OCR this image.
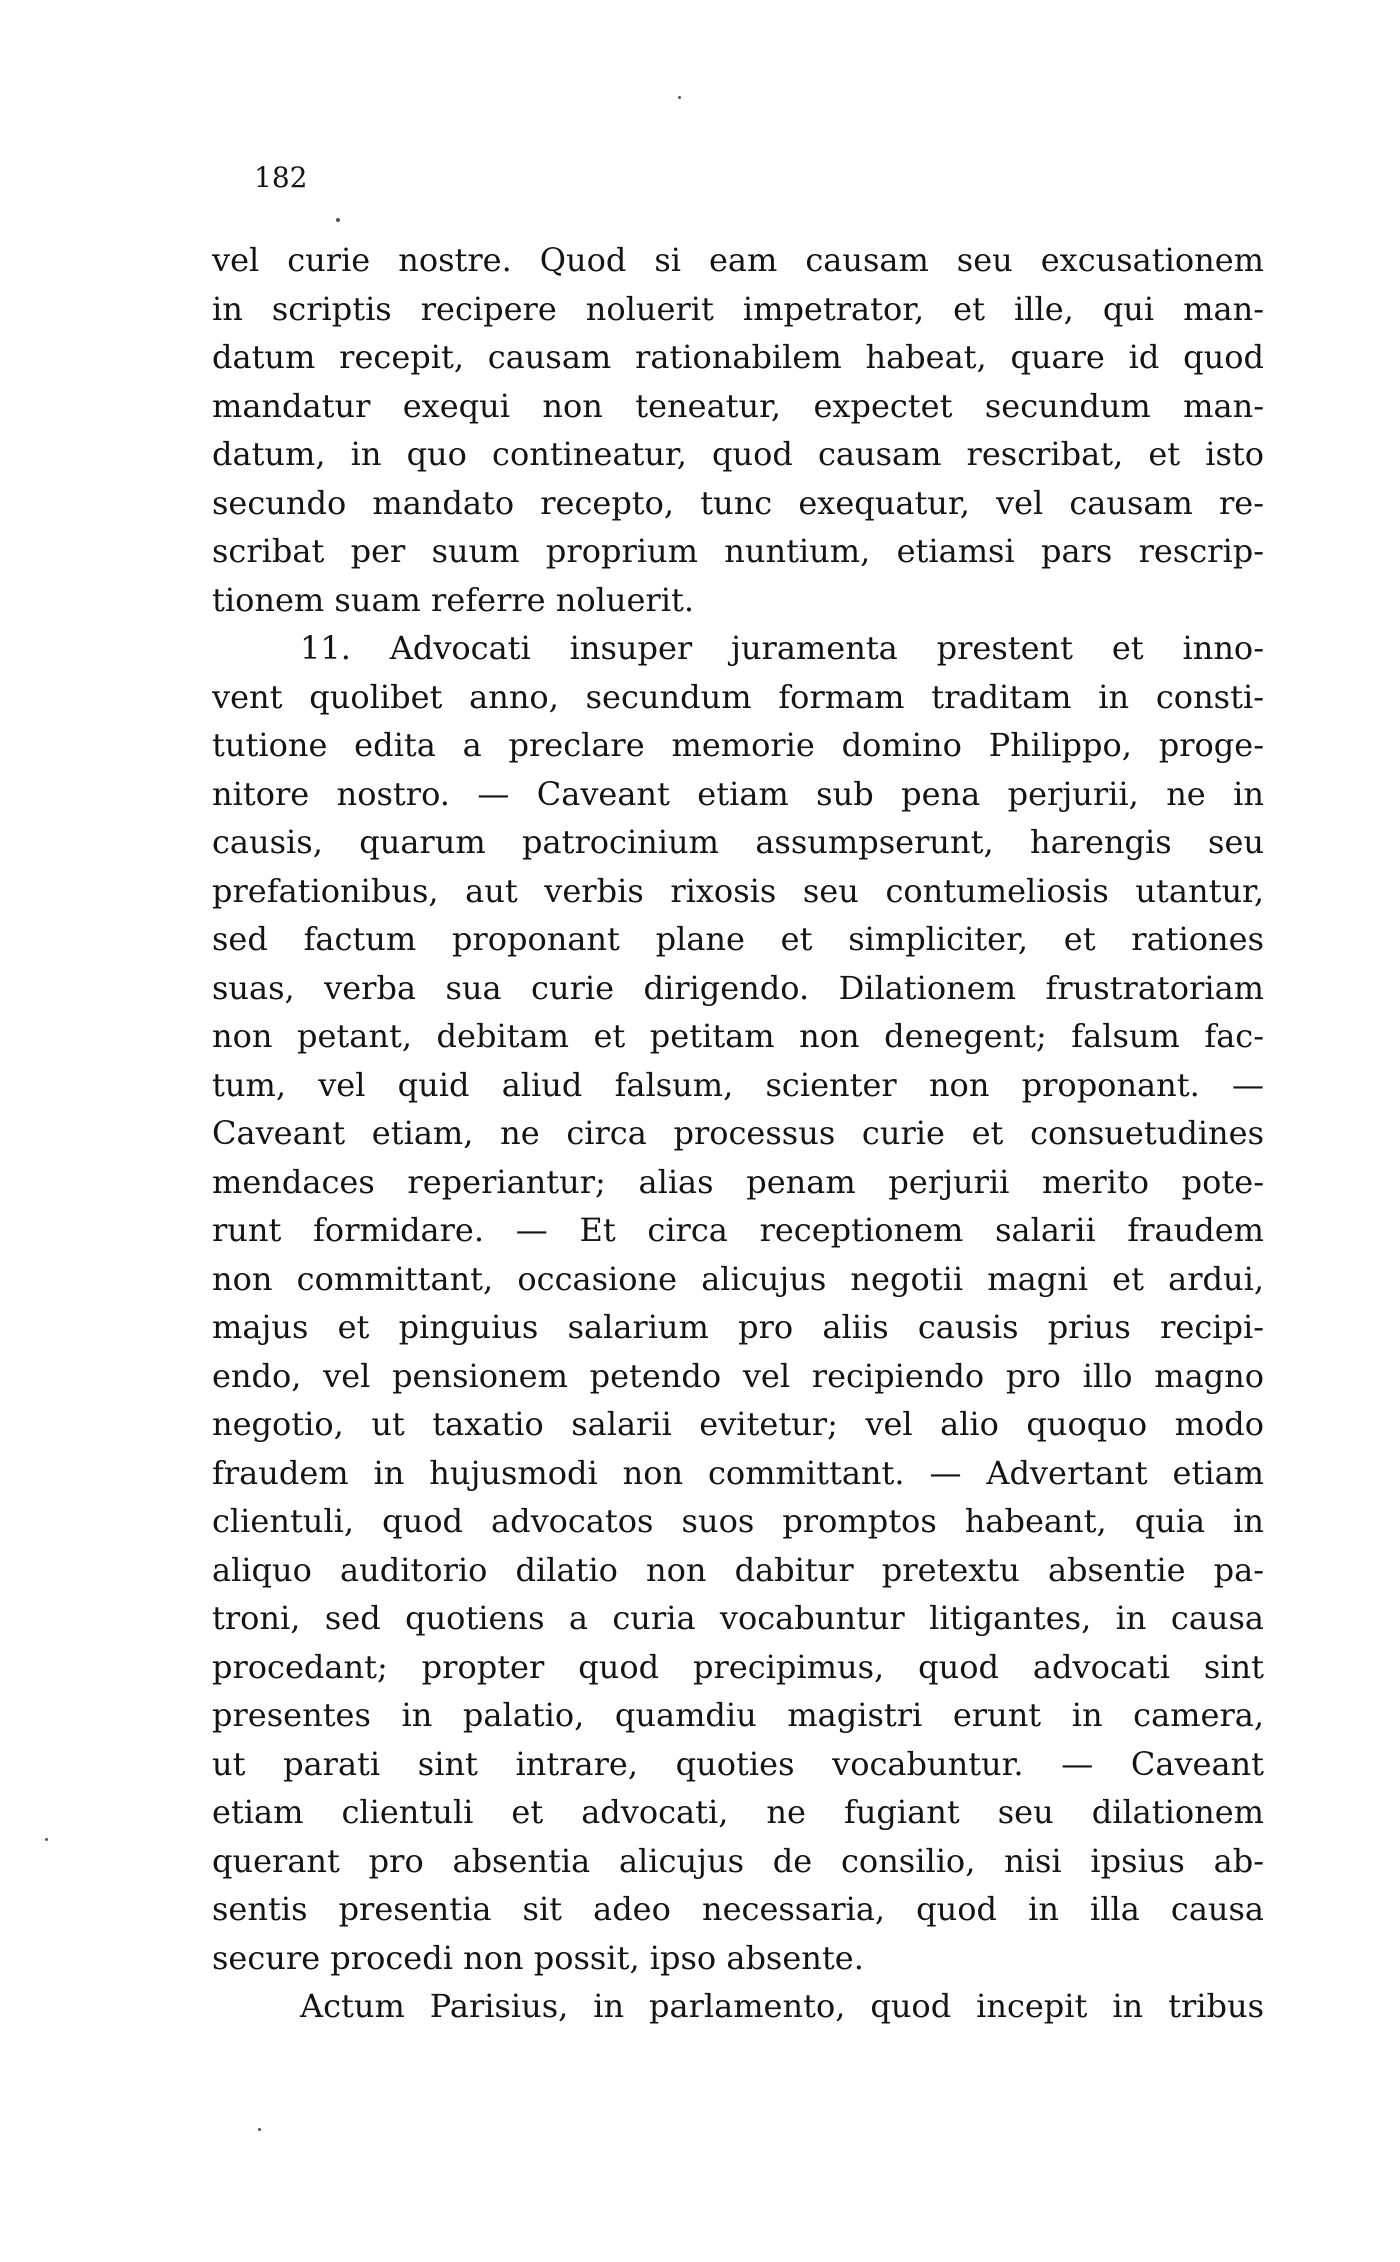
182
vel curie nostre. Quod si eam causam seu excusationem
in scriptis recipere noluerit impetrator, et ille, qui man-
datum recepit, causam rationabilem habeat, quare id quod
mandatur exequi non teneatur, expectet secundum man-
datum, in quo contineatur, quod causam rescribat, et isto
secundo mandato recepto, tunc exequatur, vel causam re-
scribat per suum proprium nuntium, etiamsi pars rescrip-
tionem suam referre noluerit.
11. Advocati insuper juramenta prestent et inno-
vent quolibet anno, secundum formam traditam in consti-
tutione edita a preclare memorie domino Philippo, proge-
nitore nostro. — Caveant etiam sub pena perjurii, ne in
causis, quarum patrocinium assumpserunt, harengis seu
prefationibus, aut verbis rixosis seu contumeliosis utantur,
sed factum proponant plane et simpliciter, et rationes
suas, verba sua curie dirigendo. Dilationem frustratoriam
non petant, debitam et petitam non denegent; falsum fac-
tum, vel quid aliud falsum, scienter non proponant. —
Caveant etiam, ne circa processus curie et consuetudines
mendaces reperiantur; alias penam perjurii merito pote-
runt formidare. — Et circa receptionem salarii fraudem
non committant, occasione alicujus negotii magni et ardui,
majus et pinguius salarium pro aliis causis prius recipi-
endo, vel pensionem petendo vel recipiendo pro illo magno
negotio, ut taxatio salarii evitetur; vel alio quoquo modo
fraudem in hujusmodi non committant. — Advertant etiam
clientuli, quod advocatos suos promptos habeant, quia in
aliquo auditorio dilatio non dabitur pretextu absentie pa-
troni, sed quotiens a curia vocabuntur litigantes, in causa
procedant; propter quod precipimus, quod advocati sint
presentes in palatio, quamdiu magistri erunt in camera,
ut parati sint intrare, quoties vocabuntur. — Caveant
etiam clientuli et advocati, ne fugiant seu dilationem
querant pro absentia alicujus de consilio, nisi ipsius ab-
sentis presentia sit adeo necessaria, quod in illa causa
secure procedi non possit, ipso absente.
Actum Parisius, in parlamento, quod incepit in tribus
